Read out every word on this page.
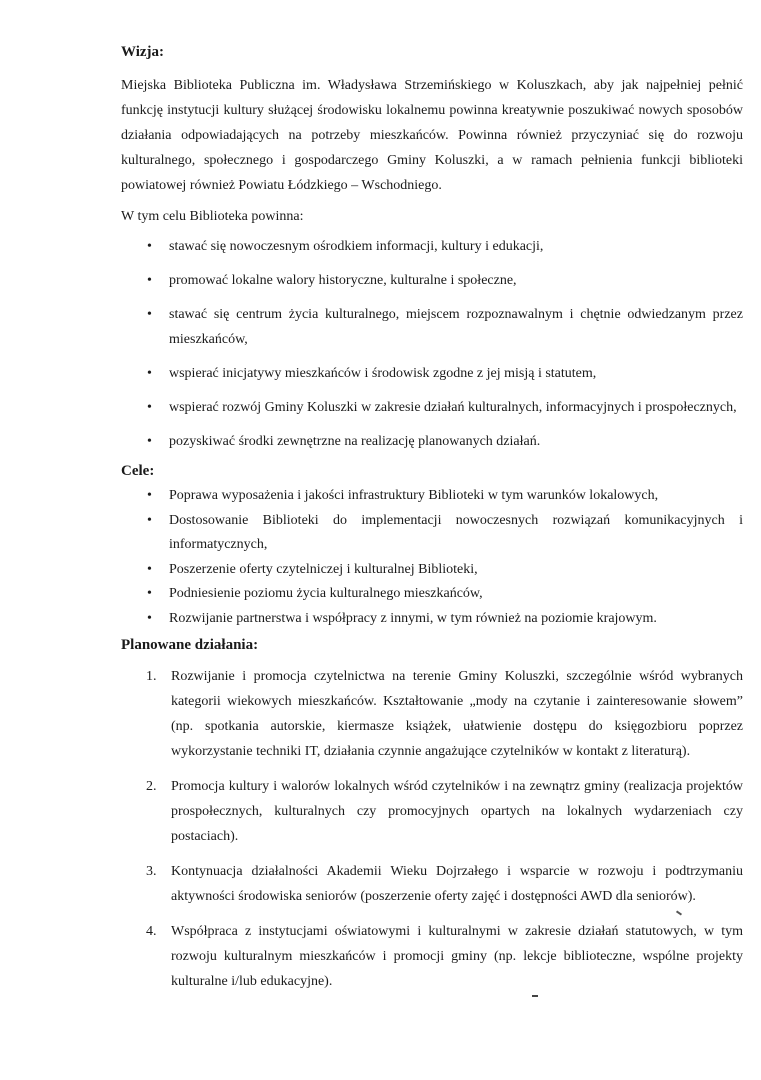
Wizja:

Miejska Biblioteka Publiczna im. Władysława Strzemińskiego w Koluszkach, aby jak najpełniej pełnić funkcję instytucji kultury służącej środowisku lokalnemu powinna kreatywnie poszukiwać nowych sposobów działania odpowiadających na potrzeby mieszkańców. Powinna również przyczyniać się do rozwoju kulturalnego, społecznego i gospodarczego Gminy Koluszki, a w ramach pełnienia funkcji biblioteki powiatowej również Powiatu Łódzkiego – Wschodniego.

W tym celu Biblioteka powinna:

• stawać się nowoczesnym ośrodkiem informacji, kultury i edukacji,
• promować lokalne walory historyczne, kulturalne i społeczne,
• stawać się centrum życia kulturalnego, miejscem rozpoznawalnym i chętnie odwiedzanym przez mieszkańców,
• wspierać inicjatywy mieszkańców i środowisk zgodne z jej misją i statutem,
• wspierać rozwój Gminy Koluszki w zakresie działań kulturalnych, informacyjnych i prospołecznych,
• pozyskiwać środki zewnętrzne na realizację planowanych działań.
Cele:
• Poprawa wyposażenia i jakości infrastruktury Biblioteki w tym warunków lokalowych,
• Dostosowanie Biblioteki do implementacji nowoczesnych rozwiązań komunikacyjnych i informatycznych,
• Poszerzenie oferty czytelniczej i kulturalnej Biblioteki,
• Podniesienie poziomu życia kulturalnego mieszkańców,
• Rozwijanie partnerstwa i współpracy z innymi, w tym również na poziomie krajowym.
Planowane działania:
1. Rozwijanie i promocja czytelnictwa na terenie Gminy Koluszki, szczególnie wśród wybranych kategorii wiekowych mieszkańców. Kształtowanie „mody na czytanie i zainteresowanie słowem” (np. spotkania autorskie, kiermasze książek, ułatwienie dostępu do księgozbioru poprzez wykorzystanie techniki IT, działania czynnie angażujące czytelników w kontakt z literaturą).
2. Promocja kultury i walorów lokalnych wśród czytelników i na zewnątrz gminy (realizacja projektów prospołecznych, kulturalnych czy promocyjnych opartych na lokalnych wydarzeniach czy postaciach).
3. Kontynuacja działalności Akademii Wieku Dojrzałego i wsparcie w rozwoju i podtrzymaniu aktywności środowiska seniorów (poszerzenie oferty zajęć i dostępności AWD dla seniorów).
4. Współpraca z instytucjami oświatowymi i kulturalnymi w zakresie działań statutowych, w tym rozwoju kulturalnym mieszkańców i promocji gminy (np. lekcje biblioteczne, wspólne projekty kulturalne i/lub edukacyjne).
